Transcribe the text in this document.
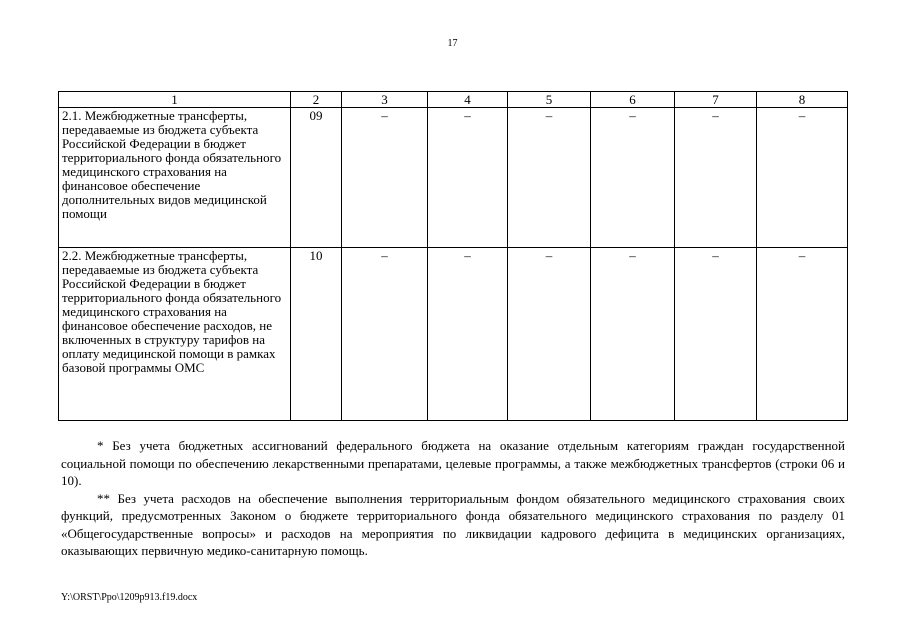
17
1	2	3	4	5	6	7	8
2.1. Межбюджетные трансферты, передаваемые из бюджета субъекта Российской Федерации в бюджет территориального фонда обязательного медицинского страхования на финансовое обеспечение дополнительных видов медицинской помощи	09	–	–	–	–	–	–
2.2. Межбюджетные трансферты, передаваемые из бюджета субъекта Российской Федерации в бюджет территориального фонда обязательного медицинского страхования на финансовое обеспечение расходов, не включенных в структуру тарифов на оплату медицинской помощи в рамках базовой программы ОМС	10	–	–	–	–	–	–

* Без учета бюджетных ассигнований федерального бюджета на оказание отдельным категориям граждан государственной социальной помощи по обеспечению лекарственными препаратами, целевые программы, а также межбюджетных трансфертов (строки 06 и 10).

** Без учета расходов на обеспечение выполнения территориальным фондом обязательного медицинского страхования своих функций, предусмотренных Законом о бюджете территориального фонда обязательного медицинского страхования по разделу 01 «Общегосударственные вопросы» и расходов на мероприятия по ликвидации кадрового дефицита в медицинских организациях, оказывающих первичную медико-санитарную помощь.

Y:\ORST\Ppo\1209p913.f19.docx
